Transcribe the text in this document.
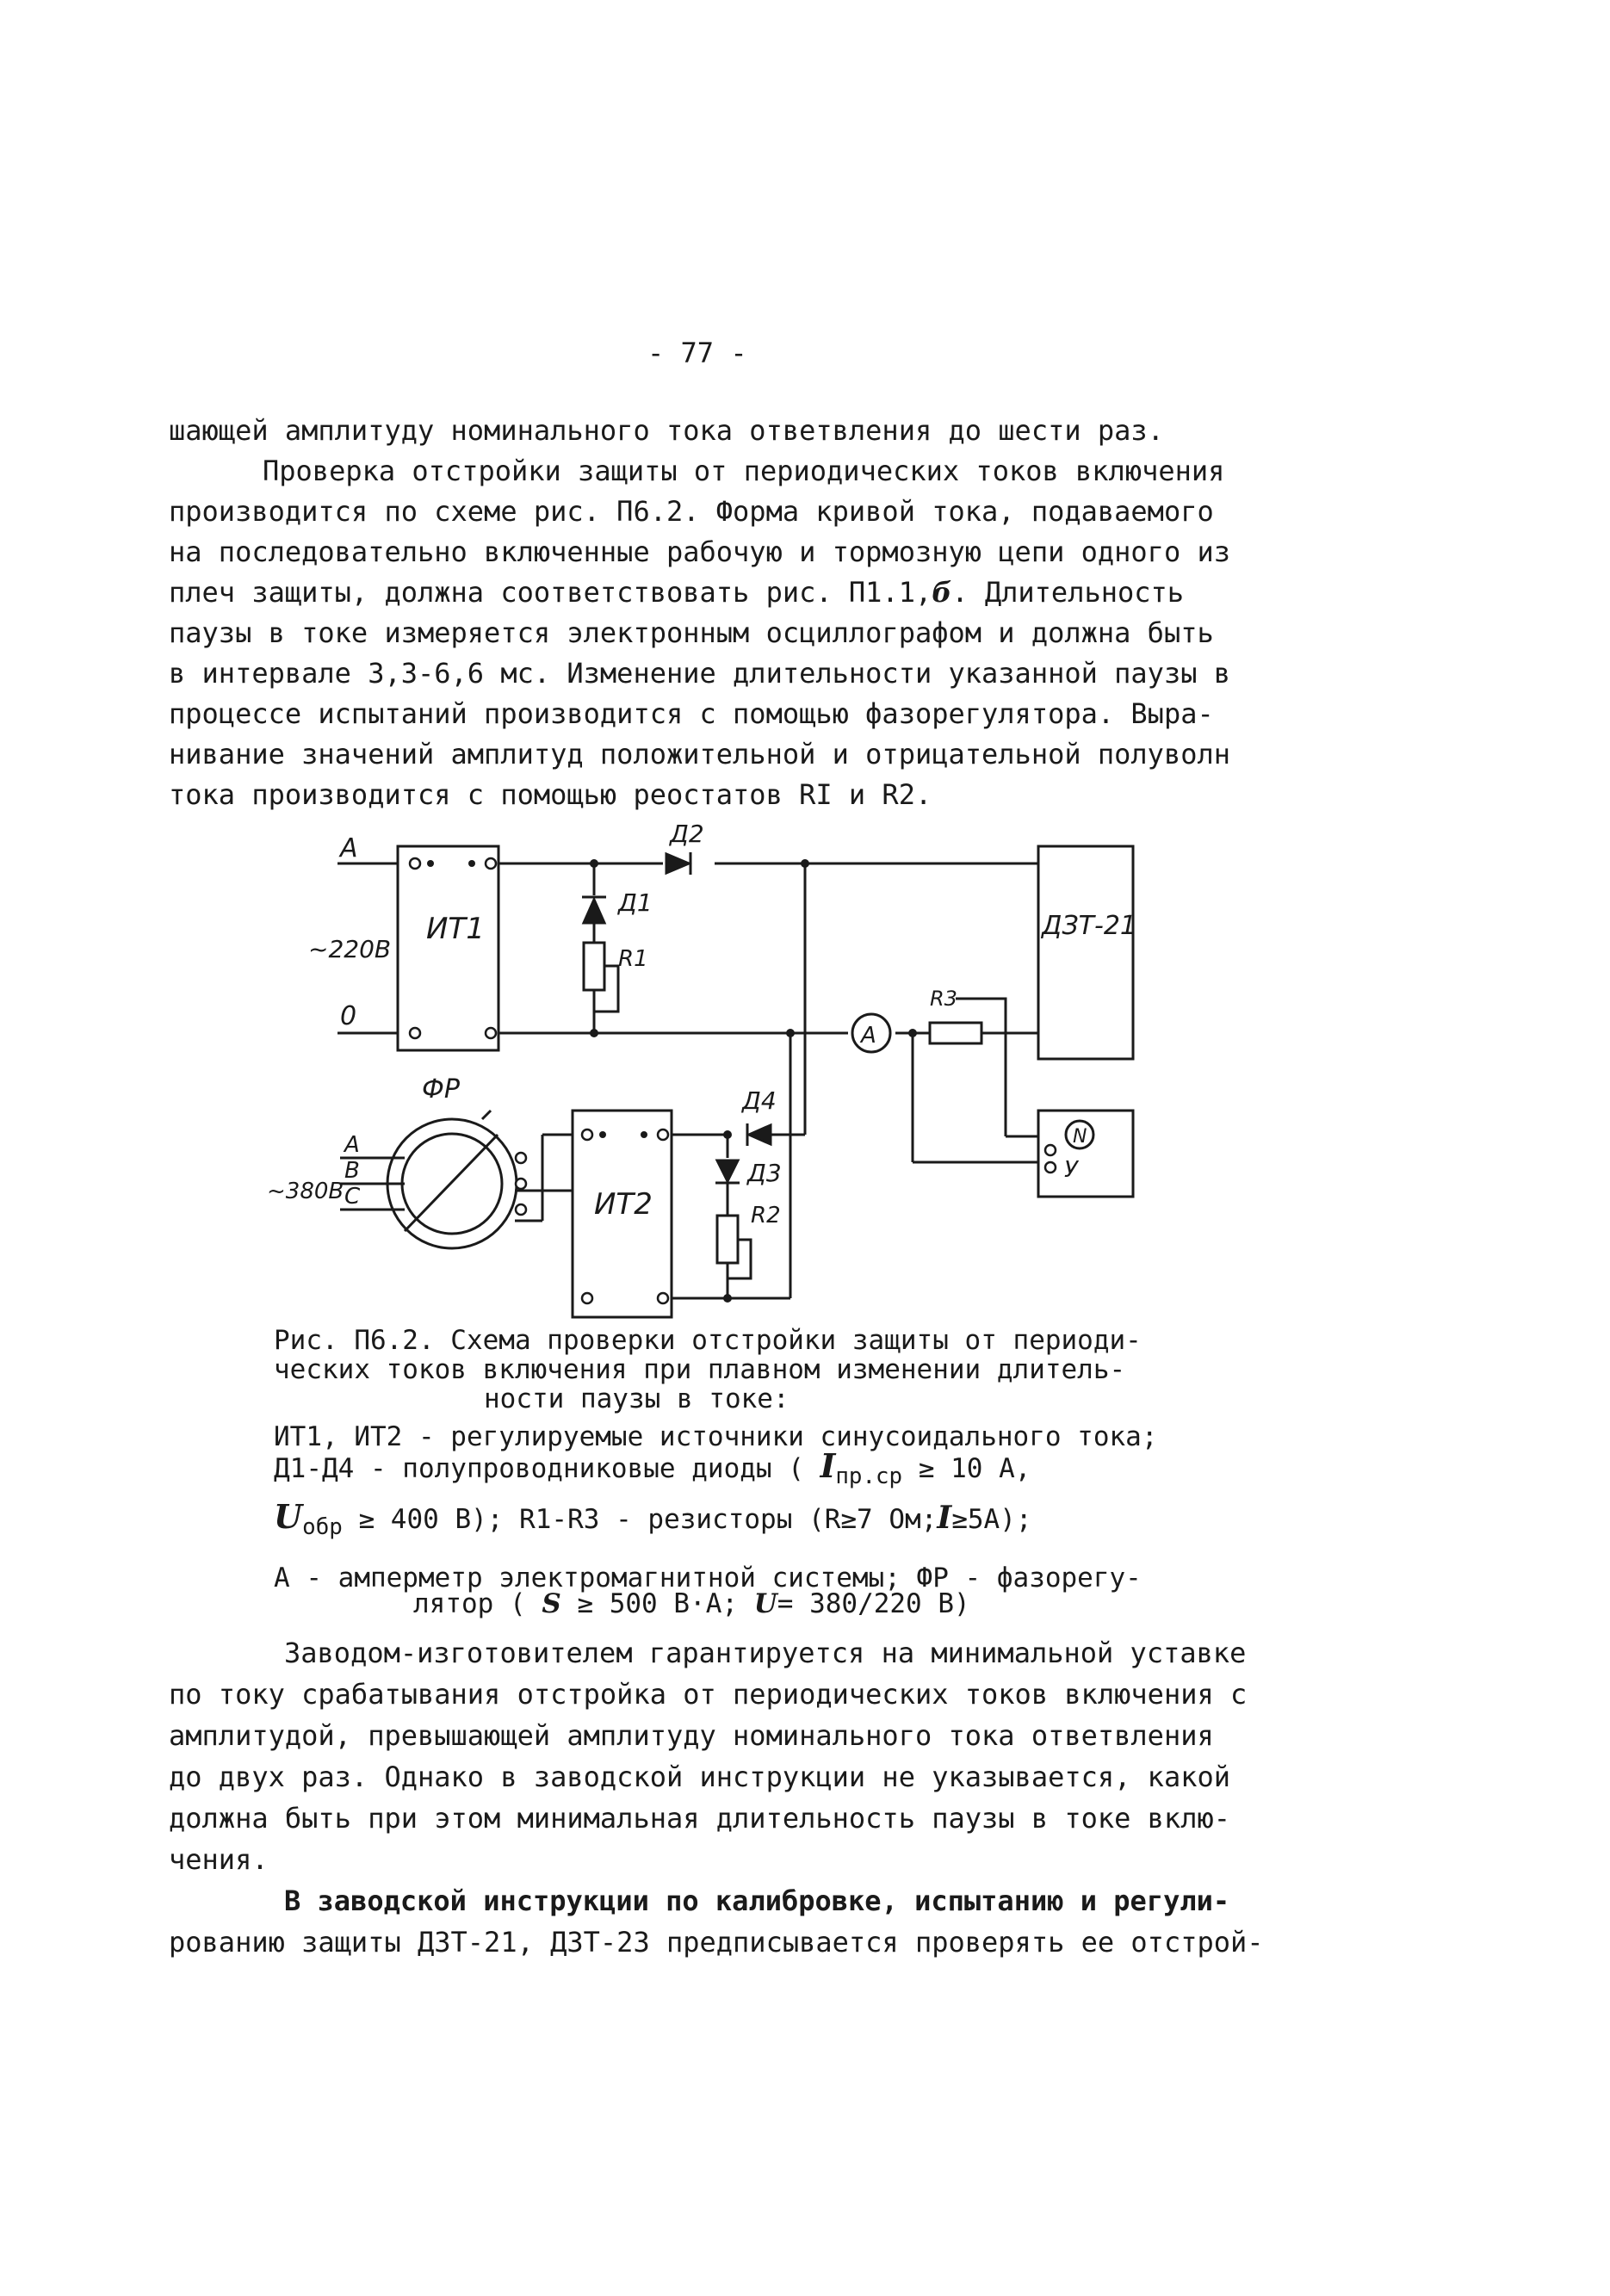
- 77 -
шающей амплитуду номинального тока ответвления до шести раз.
Проверка отстройки защиты от периодических токов включения
производится по схеме рис. П6.2. Форма кривой тока, подаваемого
на последовательно включенные рабочую и тормозную цепи одного из
плеч защиты, должна соответствовать рис. П1.1,б. Длительность
паузы в токе измеряется электронным осциллографом и должна быть
в интервале 3,3-6,6 мс. Изменение длительности указанной паузы в
процессе испытаний производится с помощью фазорегулятора. Выра-
нивание значений амплитуд положительной и отрицательной полуволн
тока производится с помощью реостатов RI и R2.
A
0
~220В
ИТ1
Д2
Д1
R1
ДЗТ-21
R3
А
Д4
Д3
R2
ИТ2
ФР
А
В
С
~380В
N
У
Рис. П6.2. Схема проверки отстройки защиты от периоди-
ческих токов включения при плавном изменении длитель-
ности паузы в токе:
ИТ1, ИТ2 - регулируемые источники синусоидального тока;
Д1-Д4 - полупроводниковые диоды ( $I_{пр.ср} \ge 10$ А,
$U_{обр} \ge 400$ В); R1-R3 - резисторы (R≥7 Ом;I≥5А);
А - амперметр электромагнитной системы; ФР - фазорегу-
лятор ( S ≥ 500 В·А; U= 380/220 В)
Заводом-изготовителем гарантируется на минимальной уставке
по току срабатывания отстройка от периодических токов включения с
амплитудой, превышающей амплитуду номинального тока ответвления
до двух раз. Однако в заводской инструкции не указывается, какой
должна быть при этом минимальная длительность паузы в токе вклю-
чения.
В заводской инструкции по калибровке, испытанию и регули-
рованию защиты ДЗТ-21, ДЗТ-23 предписывается проверять ее отстрой-
